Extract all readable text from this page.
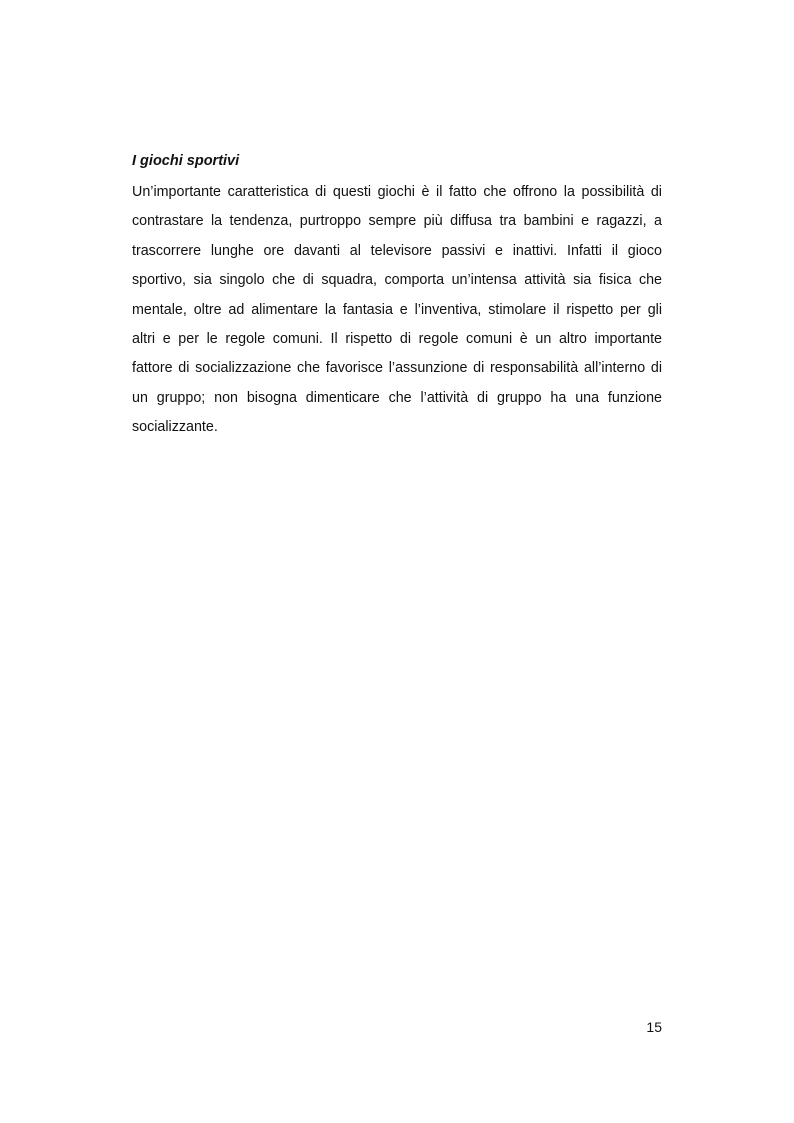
I giochi sportivi
Un’importante caratteristica di questi giochi è il fatto che offrono la possibilità di
contrastare la tendenza, purtroppo sempre più diffusa tra bambini e ragazzi, a
trascorrere lunghe ore davanti al televisore passivi e inattivi. Infatti il gioco
sportivo, sia singolo che di squadra, comporta un’intensa attività sia fisica che
mentale, oltre ad alimentare la fantasia e l’inventiva, stimolare il rispetto per gli
altri e per le regole comuni. Il rispetto di regole comuni è un altro importante
fattore di socializzazione che favorisce l’assunzione di responsabilità all’interno di
un gruppo; non bisogna dimenticare che l’attività di gruppo ha una funzione
socializzante.
15
